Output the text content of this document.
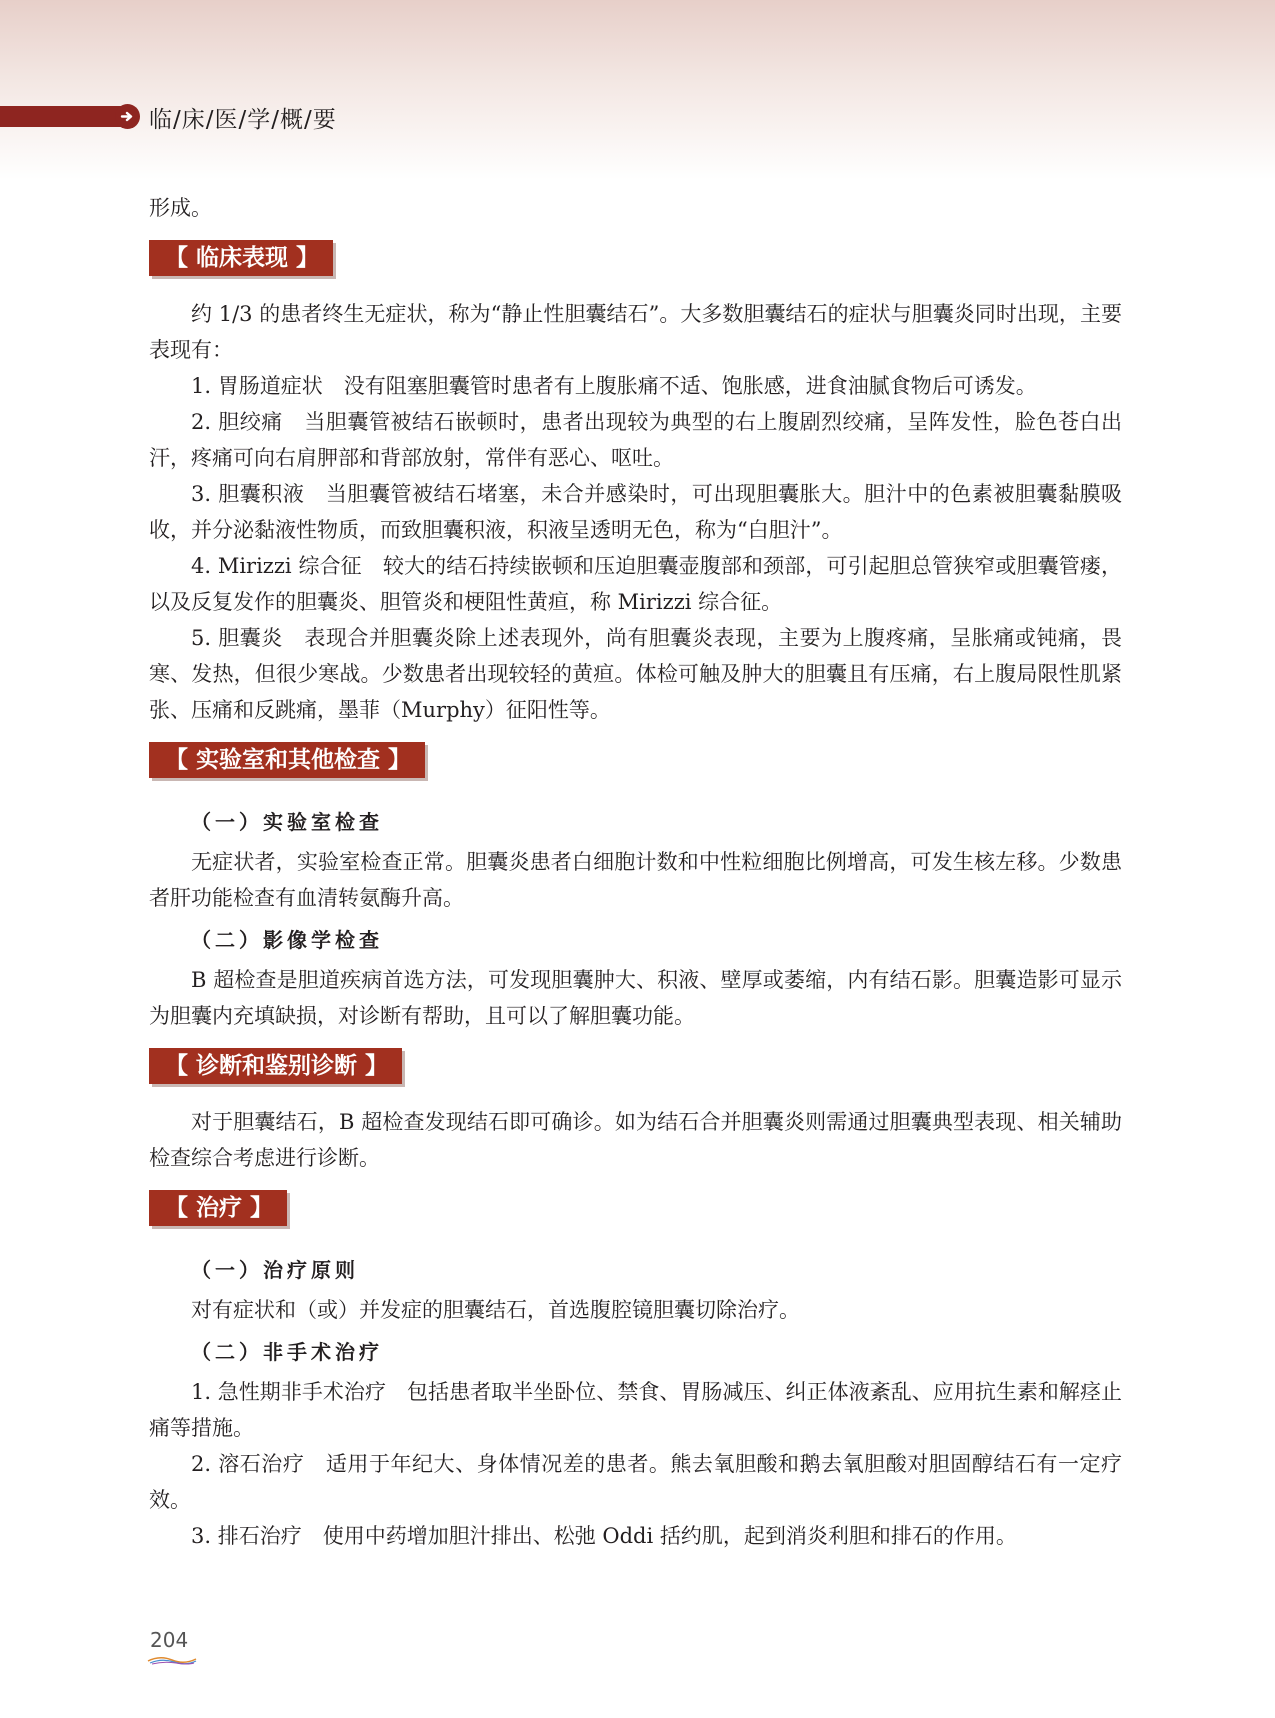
临/床/医/学/概/要

形成。

【 临床表现 】

约 1/3 的患者终生无症状，称为“静止性胆囊结石”。大多数胆囊结石的症状与胆囊炎同时出现，主要表现有：

1. 胃肠道症状　 没有阻塞胆囊管时患者有上腹胀痛不适、饱胀感，进食油腻食物后可诱发。

2. 胆绞痛　 当胆囊管被结石嵌顿时，患者出现较为典型的右上腹剧烈绞痛，呈阵发性，脸色苍白出汗，疼痛可向右肩胛部和背部放射，常伴有恶心、呕吐。

3. 胆囊积液　 当胆囊管被结石堵塞，未合并感染时，可出现胆囊胀大。胆汁中的色素被胆囊黏膜吸收，并分泌黏液性物质，而致胆囊积液，积液呈透明无色，称为“白胆汁”。

4. Mirizzi 综合征　 较大的结石持续嵌顿和压迫胆囊壶腹部和颈部，可引起胆总管狭窄或胆囊管瘘，以及反复发作的胆囊炎、胆管炎和梗阻性黄疸，称 Mirizzi 综合征。

5. 胆囊炎　 表现合并胆囊炎除上述表现外，尚有胆囊炎表现，主要为上腹疼痛，呈胀痛或钝痛，畏寒、发热，但很少寒战。少数患者出现较轻的黄疸。体检可触及肿大的胆囊且有压痛，右上腹局限性肌紧张、压痛和反跳痛，墨菲（Murphy）征阳性等。

【 实验室和其他检查 】

（一）实验室检查

无症状者，实验室检查正常。胆囊炎患者白细胞计数和中性粒细胞比例增高，可发生核左移。少数患者肝功能检查有血清转氨酶升高。

（二）影像学检查

B 超检查是胆道疾病首选方法，可发现胆囊肿大、积液、壁厚或萎缩，内有结石影。胆囊造影可显示为胆囊内充填缺损，对诊断有帮助，且可以了解胆囊功能。

【 诊断和鉴别诊断 】

对于胆囊结石，B 超检查发现结石即可确诊。如为结石合并胆囊炎则需通过胆囊典型表现、相关辅助检查综合考虑进行诊断。

【 治疗 】

（一）治疗原则

对有症状和（或）并发症的胆囊结石，首选腹腔镜胆囊切除治疗。

（二）非手术治疗

1. 急性期非手术治疗　 包括患者取半坐卧位、禁食、胃肠减压、纠正体液紊乱、应用抗生素和解痉止痛等措施。

2. 溶石治疗　 适用于年纪大、身体情况差的患者。熊去氧胆酸和鹅去氧胆酸对胆固醇结石有一定疗效。

3. 排石治疗　 使用中药增加胆汁排出、松弛 Oddi 括约肌，起到消炎利胆和排石的作用。

204
